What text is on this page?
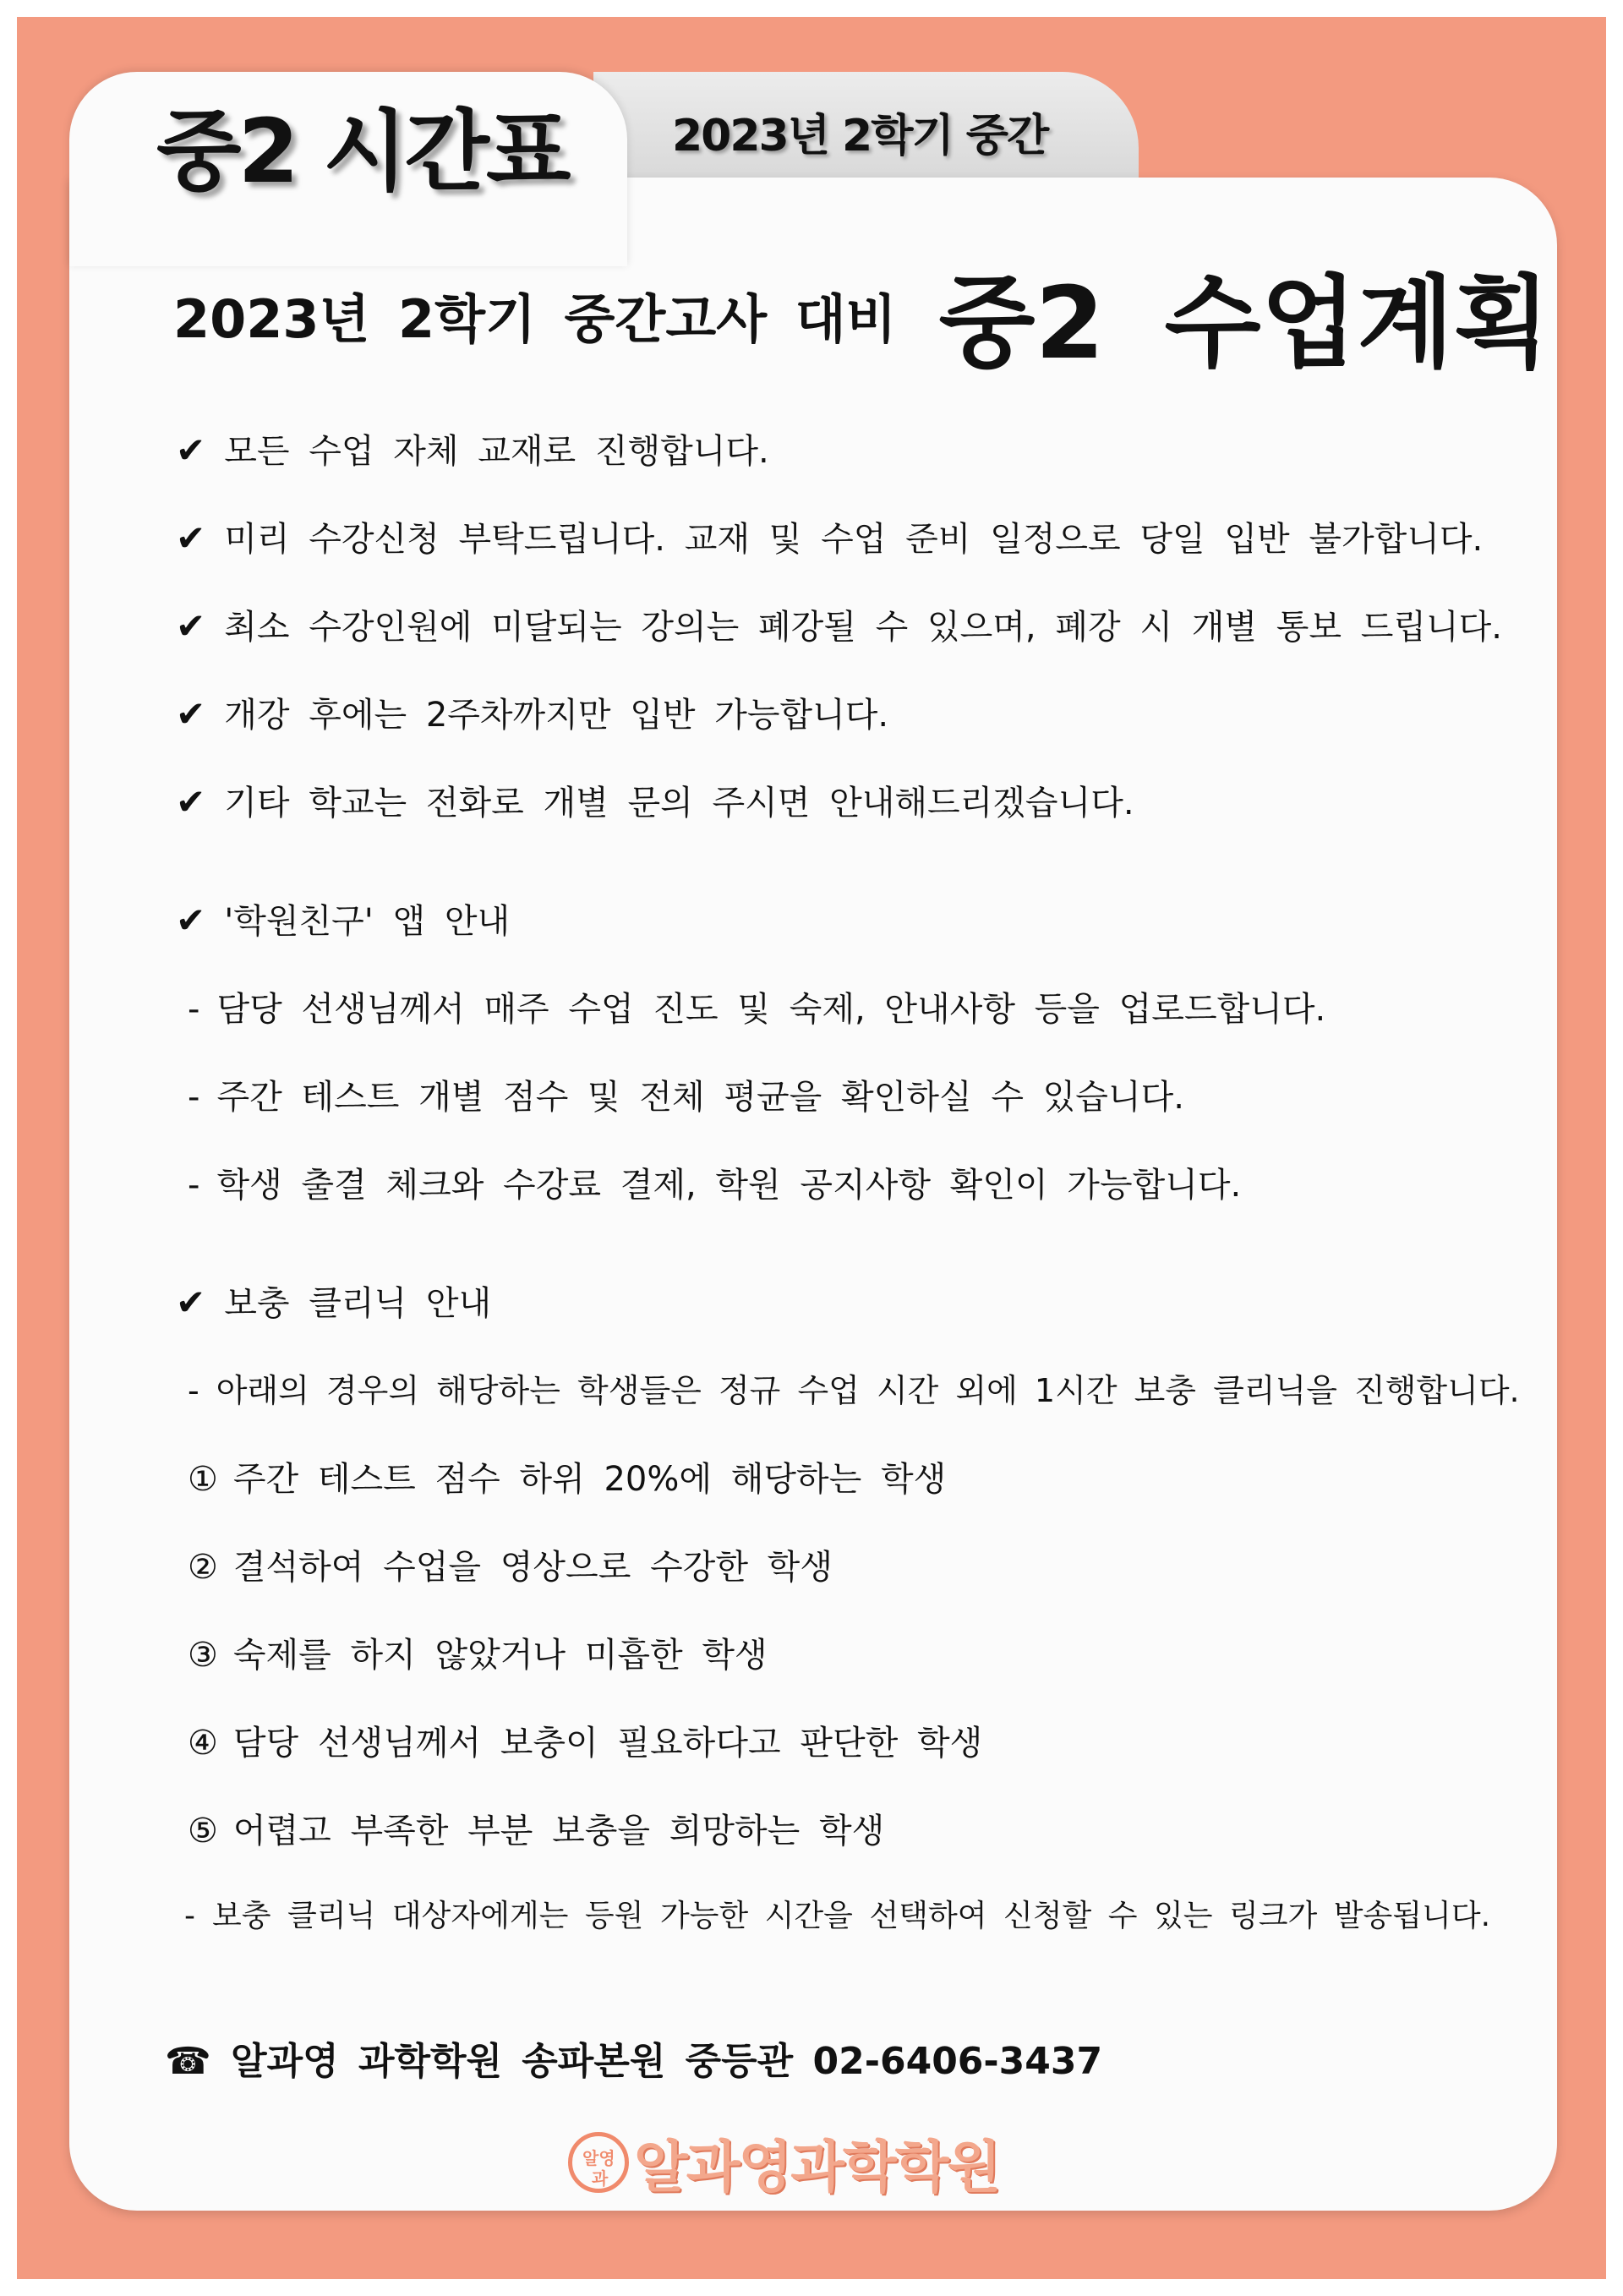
2023년 2학기 중간
중2 시간표
2023년 2학기 중간고사 대비 중2 수업계획
✔ 모든 수업 자체 교재로 진행합니다.
✔ 미리 수강신청 부탁드립니다. 교재 및 수업 준비 일정으로 당일 입반 불가합니다.
✔ 최소 수강인원에 미달되는 강의는 폐강될 수 있으며, 폐강 시 개별 통보 드립니다.
✔ 개강 후에는 2주차까지만 입반 가능합니다.
✔ 기타 학교는 전화로 개별 문의 주시면 안내해드리겠습니다.
✔ '학원친구' 앱 안내
- 담당 선생님께서 매주 수업 진도 및 숙제, 안내사항 등을 업로드합니다.
- 주간 테스트 개별 점수 및 전체 평균을 확인하실 수 있습니다.
- 학생 출결 체크와 수강료 결제, 학원 공지사항 확인이 가능합니다.
✔ 보충 클리닉 안내
- 아래의 경우의 해당하는 학생들은 정규 수업 시간 외에 1시간 보충 클리닉을 진행합니다.
① 주간 테스트 점수 하위 20%에 해당하는 학생
② 결석하여 수업을 영상으로 수강한 학생
③ 숙제를 하지 않았거나 미흡한 학생
④ 담당 선생님께서 보충이 필요하다고 판단한 학생
⑤ 어렵고 부족한 부분 보충을 희망하는 학생
- 보충 클리닉 대상자에게는 등원 가능한 시간을 선택하여 신청할 수 있는 링크가 발송됩니다.
☎ 알과영 과학학원 송파본원 중등관 02-6406-3437
알영
과 알과영과학학원
